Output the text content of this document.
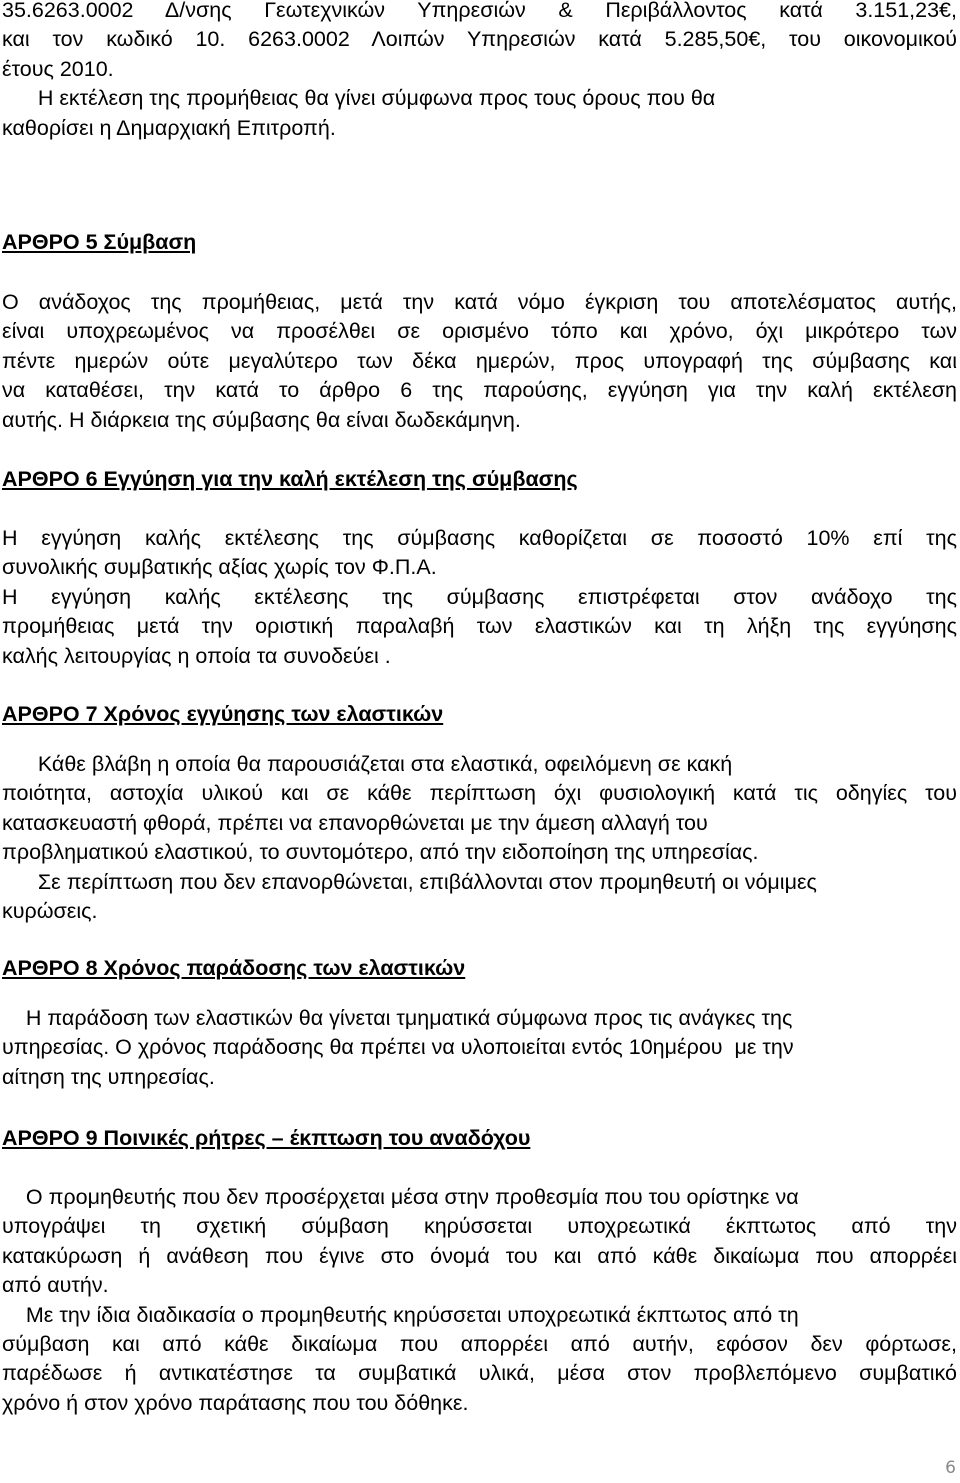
35.6263.0002 Δ/νσης Γεωτεχνικών Υπηρεσιών & Περιβάλλοντος κατά 3.151,23€,
και τον κωδικό 10. 6263.0002 Λοιπών Υπηρεσιών κατά 5.285,50€, του οικονομικού
έτους 2010.
Η εκτέλεση της προμήθειας θα γίνει σύμφωνα προς τους όρους που θα
καθορίσει η Δημαρχιακή Επιτροπή.
ΑΡΘΡΟ 5 Σύμβαση
Ο ανάδοχος της προμήθειας, μετά την κατά νόμο έγκριση του αποτελέσματος αυτής,
είναι υποχρεωμένος να προσέλθει σε ορισμένο τόπο και χρόνο, όχι μικρότερο των
πέντε ημερών ούτε μεγαλύτερο των δέκα ημερών, προς υπογραφή της σύμβασης και
να καταθέσει, την κατά το άρθρο 6 της παρούσης, εγγύηση για την καλή εκτέλεση
αυτής. Η διάρκεια της σύμβασης θα είναι δωδεκάμηνη.
ΑΡΘΡΟ 6 Εγγύηση για την καλή εκτέλεση της σύμβασης
Η εγγύηση καλής εκτέλεσης της σύμβασης καθορίζεται σε ποσοστό 10% επί της
συνολικής συμβατικής αξίας χωρίς τον Φ.Π.Α.
Η εγγύηση καλής εκτέλεσης της σύμβασης επιστρέφεται στον ανάδοχο της
προμήθειας μετά την οριστική παραλαβή των ελαστικών και τη λήξη της εγγύησης
καλής λειτουργίας η οποία τα συνοδεύει .
ΑΡΘΡΟ 7 Χρόνος εγγύησης των ελαστικών
Κάθε βλάβη η οποία θα παρουσιάζεται στα ελαστικά, οφειλόμενη σε κακή
ποιότητα, αστοχία υλικού και σε κάθε περίπτωση όχι φυσιολογική κατά τις οδηγίες του
κατασκευαστή φθορά, πρέπει να επανορθώνεται με την άμεση αλλαγή του
προβληματικού ελαστικού, το συντομότερο, από την ειδοποίηση της υπηρεσίας.
Σε περίπτωση που δεν επανορθώνεται, επιβάλλονται στον προμηθευτή οι νόμιμες
κυρώσεις.
ΑΡΘΡΟ 8 Χρόνος παράδοσης των ελαστικών
Η παράδοση των ελαστικών θα γίνεται τμηματικά σύμφωνα προς τις ανάγκες της
υπηρεσίας. Ο χρόνος παράδοσης θα πρέπει να υλοποιείται εντός 10ημέρου  με την
αίτηση της υπηρεσίας.
ΑΡΘΡΟ 9 Ποινικές ρήτρες – έκπτωση του αναδόχου
Ο προμηθευτής που δεν προσέρχεται μέσα στην προθεσμία που του ορίστηκε να
υπογράψει τη σχετική σύμβαση κηρύσσεται υποχρεωτικά έκπτωτος από την
κατακύρωση ή ανάθεση που έγινε στο όνομά του και από κάθε δικαίωμα που απορρέει
από αυτήν.
Με την ίδια διαδικασία ο προμηθευτής κηρύσσεται υποχρεωτικά έκπτωτος από τη
σύμβαση και από κάθε δικαίωμα που απορρέει από αυτήν, εφόσον δεν φόρτωσε,
παρέδωσε ή αντικατέστησε τα συμβατικά υλικά, μέσα στον προβλεπόμενο συμβατικό
χρόνο ή στον χρόνο παράτασης που του δόθηκε.
6
